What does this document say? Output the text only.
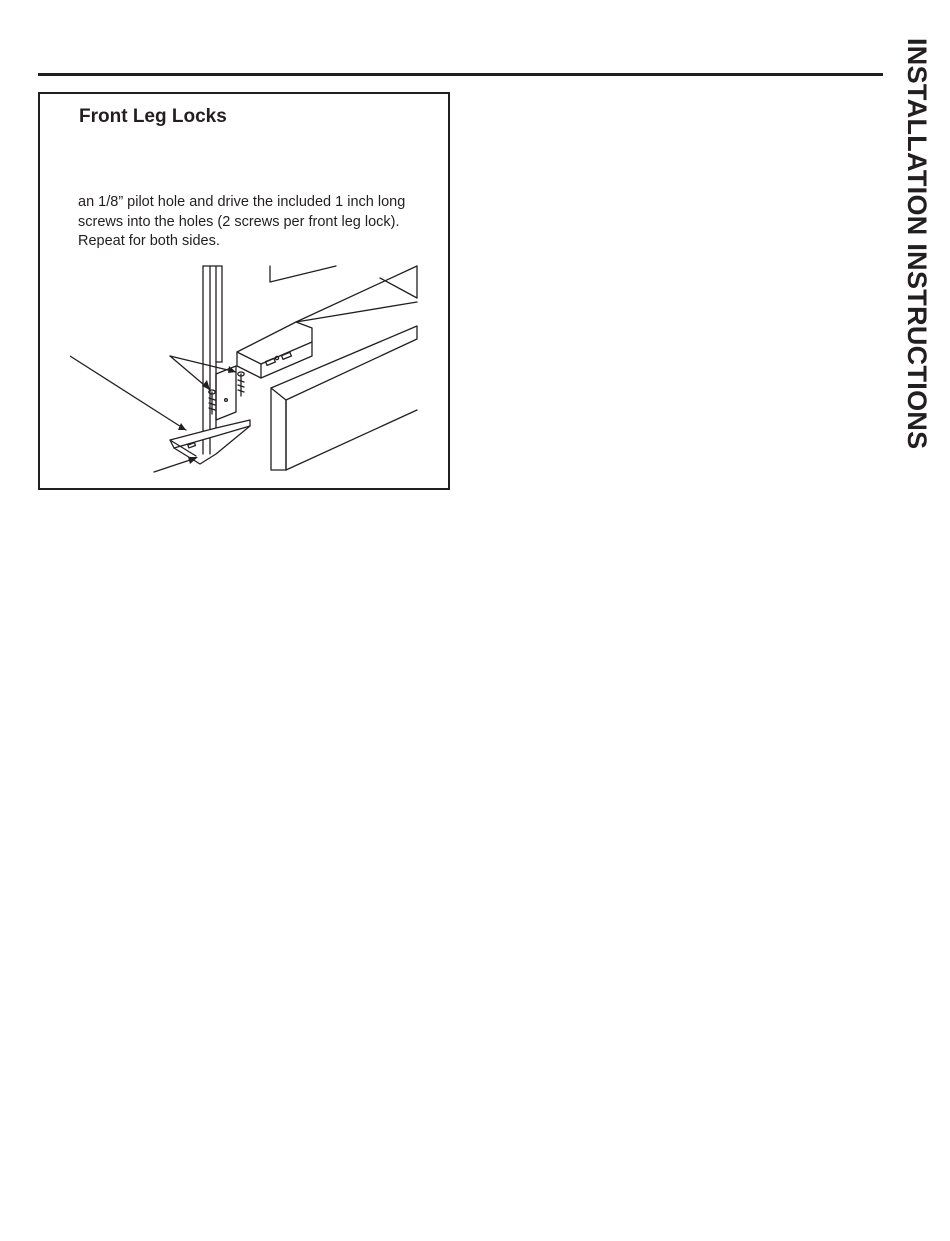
INSTALLATION INSTRUCTIONS
Front Leg Locks

an 1/8” pilot hole and drive the included 1 inch long screws into the holes (2 screws per front leg lock). Repeat for both sides.
